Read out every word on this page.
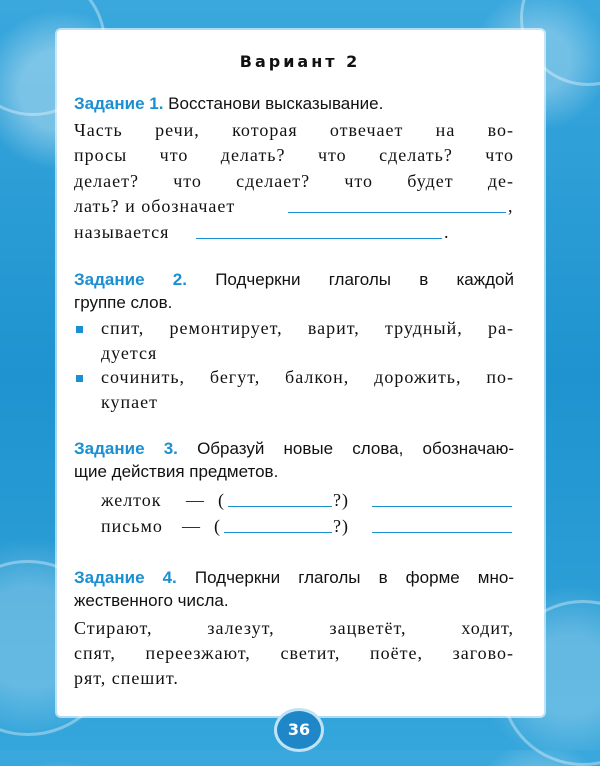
Вариант 2
Задание 1. Восстанови высказывание.
Часть речи, которая отвечает на во-
просы что делать? что сделать? что
делает? что сделает? что будет де-
лать? и обозначает	,
называется	.
Задание 2. Подчеркни глаголы в каждой
группе слов.
спит, ремонтирует, варит, трудный, ра-
дуется
сочинить, бегут, балкон, дорожить, по-
купает
Задание 3. Образуй новые слова, обозначаю-
щие действия предметов.
желток — (	?)
письмо — (	?)
Задание 4. Подчеркни глаголы в форме мно-
жественного числа.
Стирают, залезут, зацветёт, ходит,
спят, переезжают, светит, поёте, загово-
рят, спешит.
36
